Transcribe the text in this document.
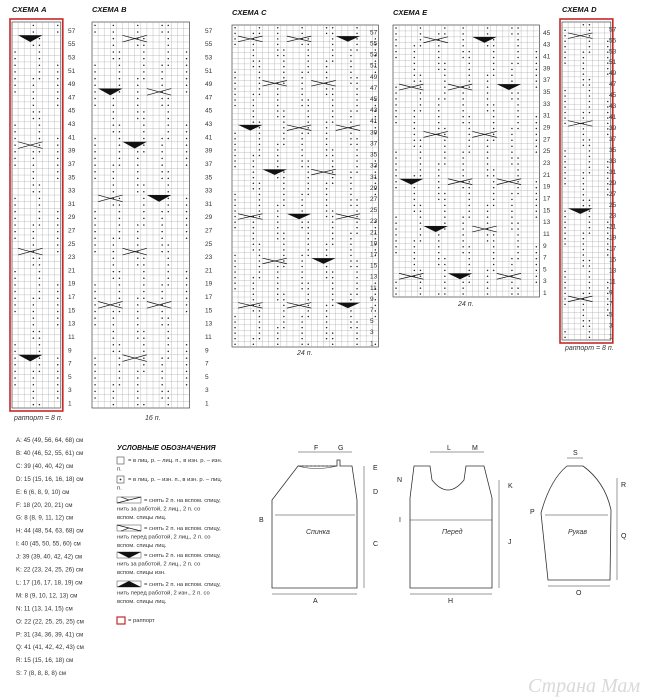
СХЕМА A
57
55
53
51
49
47
45
43
41
39
37
35
33
31
29
27
25
23
21
19
17
15
13
11
9
7
5
3
1
раппорт = 8 п.
СХЕМА B
57
55
53
51
49
47
45
43
41
39
37
35
33
31
29
27
25
23
21
19
17
15
13
11
9
7
5
3
1
16 п.
СХЕМА C
57
55
53
51
49
47
45
43
41
39
37
35
33
31
29
27
25
23
21
19
17
15
13
11
9
7
5
3
1
24 п.
СХЕМА E
45
43
41
39
37
35
33
31
29
27
25
23
21
19
17
15
13
11
9
7
5
3
1
24 п.
СХЕМА D
57
55
53
51
49
47
45
43
41
39
37
35
33
31
29
27
25
23
21
19
17
15
13
11
9
7
5
3
1
раппорт = 8 п.
A: 45 (49, 56, 64, 68) см
B: 40 (46, 52, 55, 61) см
C: 39 (40, 40, 42) см
D: 15 (15, 16, 16, 18) см
E: 6 (6, 8, 9, 10) см
F: 18 (20, 20, 21) см
G: 8 (8, 9, 11, 12) см
H: 44 (48, 54, 63, 68) см
I: 40 (45, 50, 55, 60) см
J: 39 (39, 40, 42, 42) см
K: 22 (23, 24, 25, 26) см
L: 17 (16, 17, 18, 19) см
M: 8 (9, 10, 12, 13) см
N: 11 (13, 14, 15) см
O: 22 (22, 25, 25, 25) см
P: 31 (34, 36, 39, 41) см
Q: 41 (41, 42, 42, 43) см
R: 15 (15, 16, 18) см
S: 7 (8, 8, 8, 8) см
УСЛОВНЫЕ ОБОЗНАЧЕНИЯ
= в лиц. р. – лиц. п., в изн. р. – изн.
п.
= в лиц. р. – изн. п., в изн. р. – лиц.
п.
= снять 2 п. на вспом. спицу,
нить за работой, 2 лиц., 2 п. со
вспом. спицы лиц.
= снять 2 п. на вспом. спицу,
нить перед работой, 2 лиц., 2 п. со
вспом. спицы лиц.
= снять 2 п. на вспом. спицу,
нить за работой, 2 лиц., 2 п. со
вспом. спицы изн.
= снять 2 п. на вспом. спицу,
нить перед работой, 2 изн., 2 п. со
вспом. спицы лиц.
= раппорт
Спинка	Перед	Рукав
F	G
E
D
B
C
A
L	M
N
K
I
J
H
S
R
P
Q
O
Страна Мам
